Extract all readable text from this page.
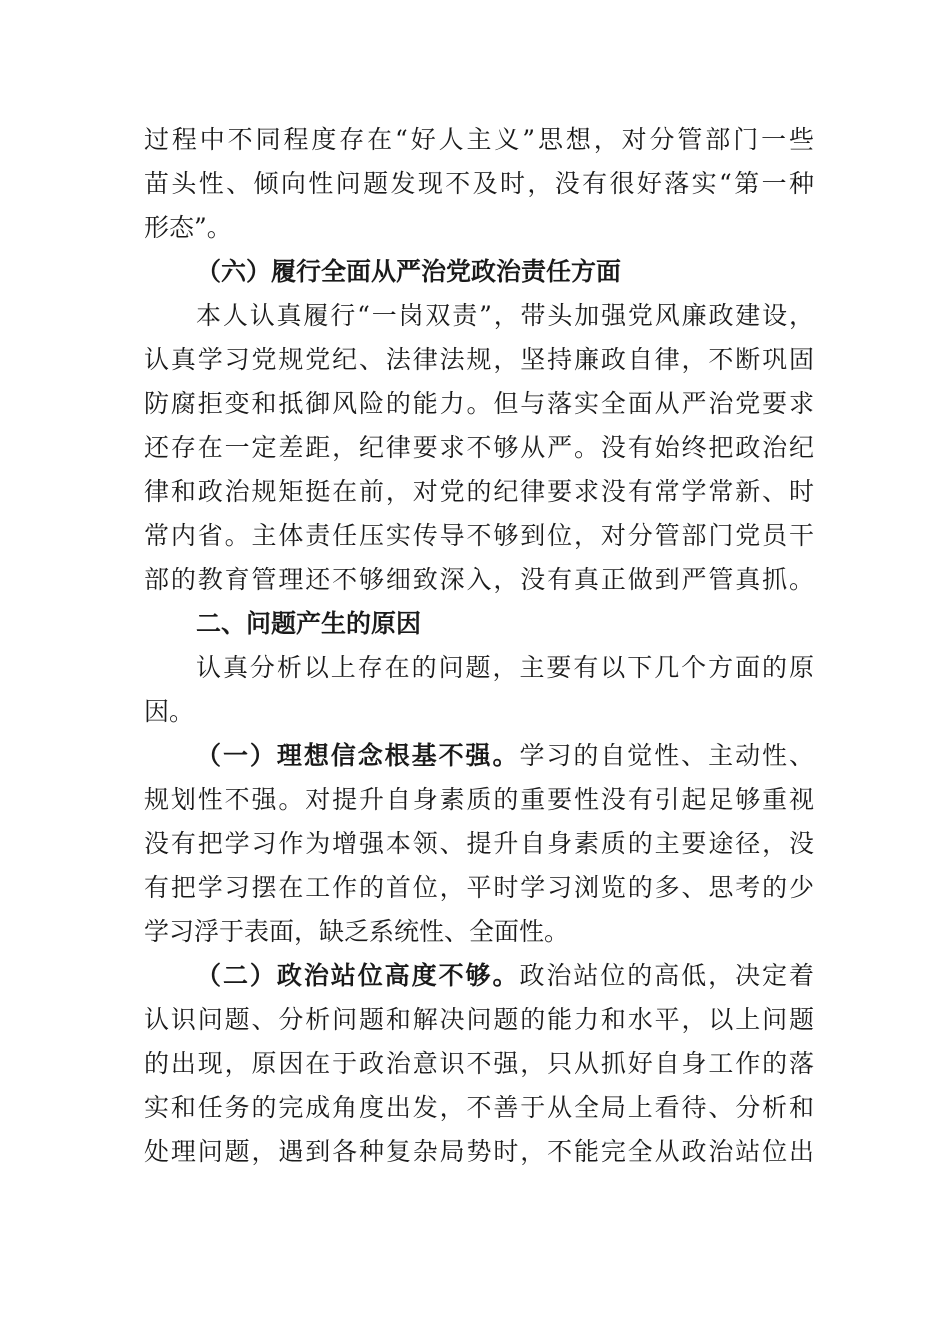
过程中不同程度存在“好人主义”思想，对分管部门一些
苗头性、倾向性问题发现不及时，没有很好落实“第一种
形态”。
（六）履行全面从严治党政治责任方面
本人认真履行“一岗双责”，带头加强党风廉政建设，
认真学习党规党纪、法律法规，坚持廉政自律，不断巩固
防腐拒变和抵御风险的能力。但与落实全面从严治党要求
还存在一定差距，纪律要求不够从严。没有始终把政治纪
律和政治规矩挺在前，对党的纪律要求没有常学常新、时
常内省。主体责任压实传导不够到位，对分管部门党员干
部的教育管理还不够细致深入，没有真正做到严管真抓。
二、问题产生的原因
认真分析以上存在的问题，主要有以下几个方面的原
因。
（一）理想信念根基不强。学习的自觉性、主动性、
规划性不强。对提升自身素质的重要性没有引起足够重视
没有把学习作为增强本领、提升自身素质的主要途径，没
有把学习摆在工作的首位，平时学习浏览的多、思考的少
学习浮于表面，缺乏系统性、全面性。
（二）政治站位高度不够。政治站位的高低，决定着
认识问题、分析问题和解决问题的能力和水平，以上问题
的出现，原因在于政治意识不强，只从抓好自身工作的落
实和任务的完成角度出发，不善于从全局上看待、分析和
处理问题，遇到各种复杂局势时，不能完全从政治站位出
